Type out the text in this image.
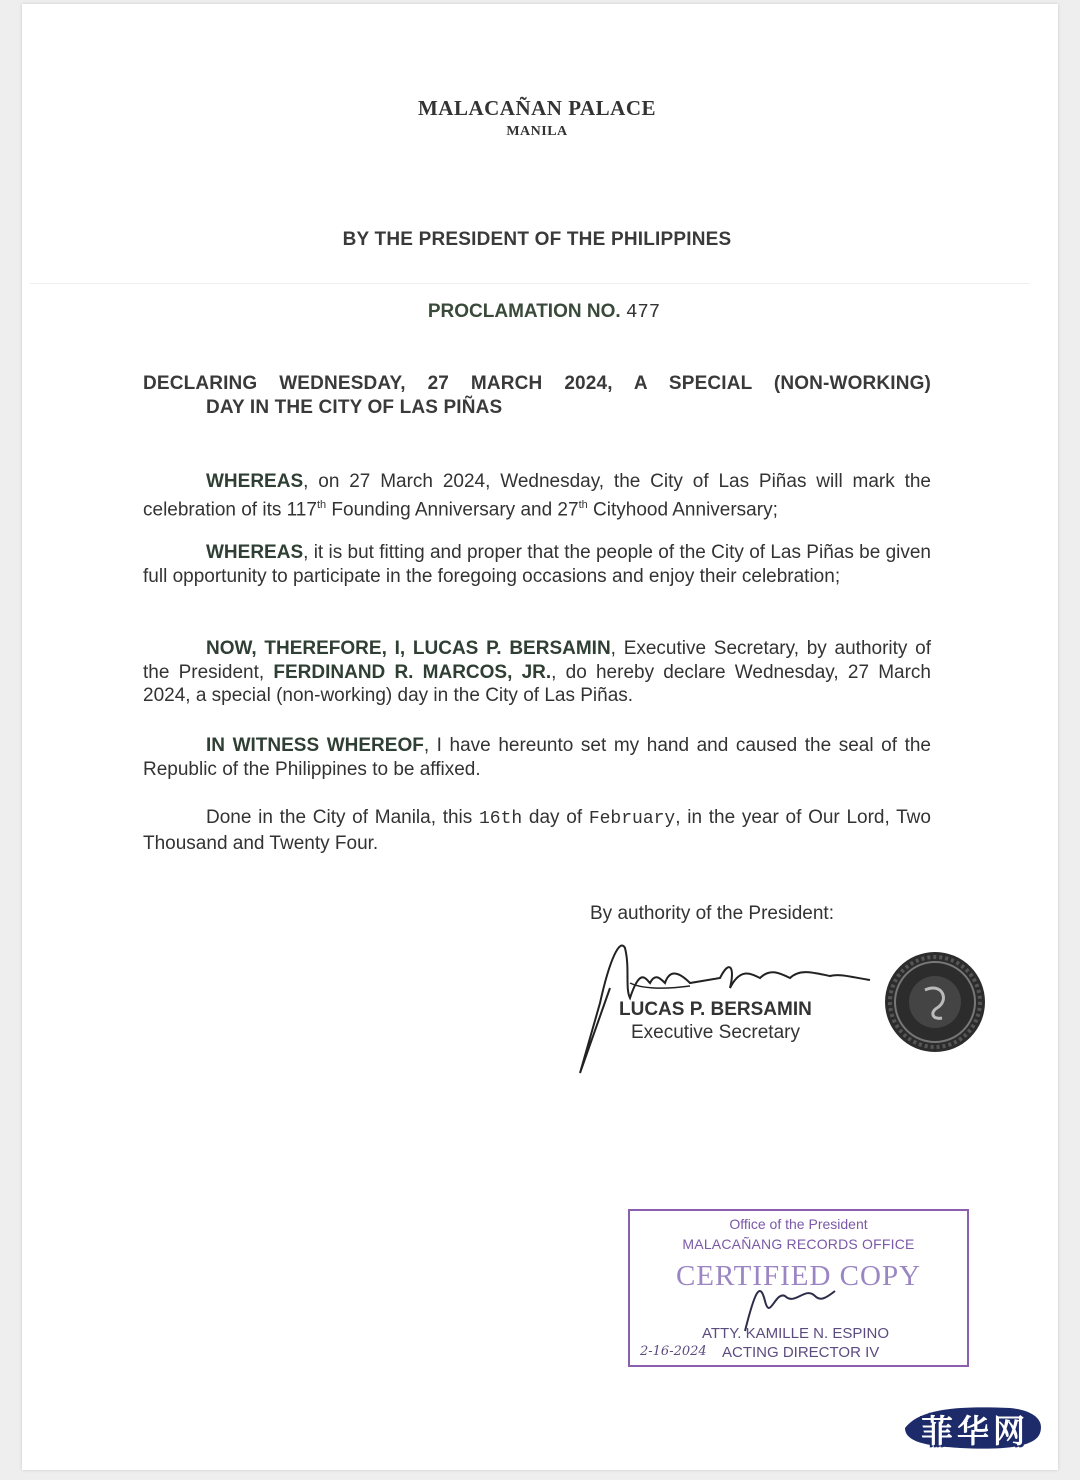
MALACAÑAN PALACE
MANILA
BY THE PRESIDENT OF THE PHILIPPINES
PROCLAMATION NO. 477
DECLARING WEDNESDAY, 27 MARCH 2024, A SPECIAL (NON-WORKING)
DAY IN THE CITY OF LAS PIÑAS
WHEREAS, on 27 March 2024, Wednesday, the City of Las Piñas will mark the celebration of its 117th Founding Anniversary and 27th Cityhood Anniversary;
WHEREAS, it is but fitting and proper that the people of the City of Las Piñas be given full opportunity to participate in the foregoing occasions and enjoy their celebration;
NOW, THEREFORE, I, LUCAS P. BERSAMIN, Executive Secretary, by authority of the President, FERDINAND R. MARCOS, JR., do hereby declare Wednesday, 27 March 2024, a special (non-working) day in the City of Las Piñas.
IN WITNESS WHEREOF, I have hereunto set my hand and caused the seal of the Republic of the Philippines to be affixed.
Done in the City of Manila, this 16th day of February, in the year of Our Lord, Two Thousand and Twenty Four.
By authority of the President:
LUCAS P. BERSAMIN
Executive Secretary
Office of the President
MALACAÑANG RECORDS OFFICE
CERTIFIED COPY
ATTY. KAMILLE N. ESPINO
2-16-2024 ACTING DIRECTOR IV
菲华网
